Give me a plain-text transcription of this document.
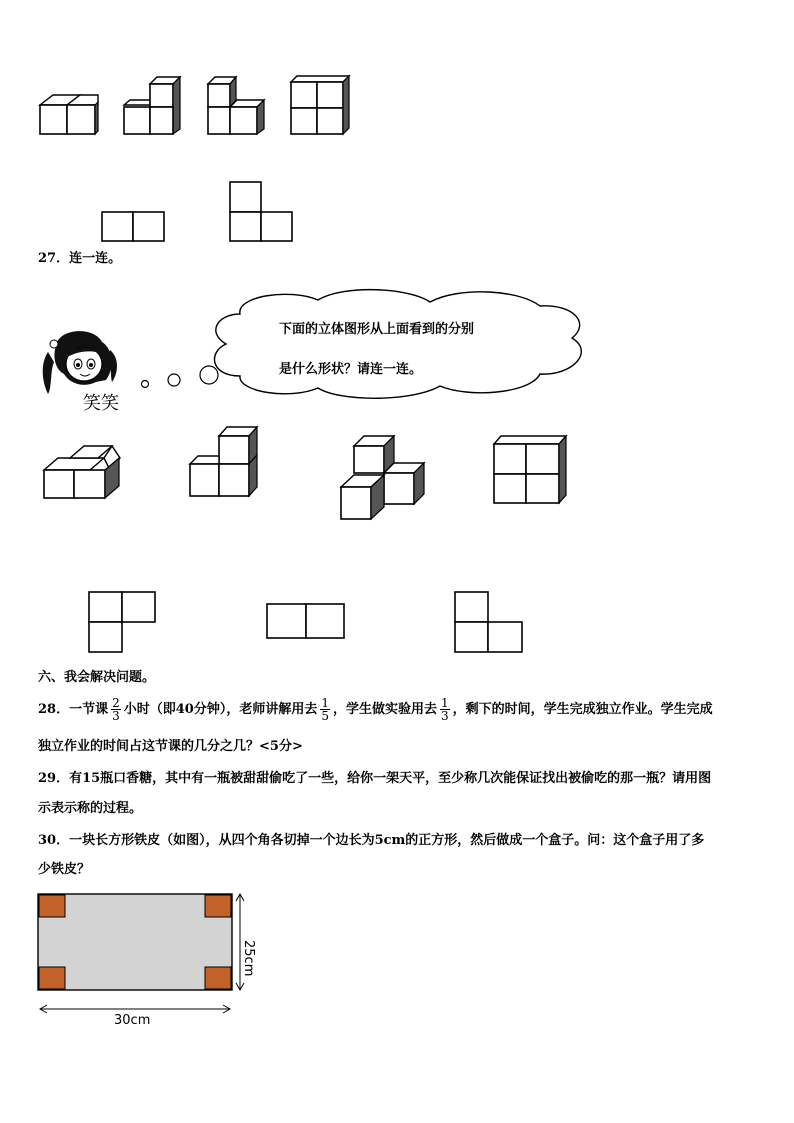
27．连一连。
下面的立体图形从上面看到的分别
是什么形状？请连一连。
笑笑
六、我会解决问题。
28．一节课 $\frac{2}{3}$ 小时（即40分钟），老师讲解用去 $\frac{1}{5}$ ，学生做实验用去 $\frac{1}{3}$ ，剩下的时间，学生完成独立作业。学生完成
独立作业的时间占这节课的几分之几？<5分>
29．有15瓶口香糖，其中有一瓶被甜甜偷吃了一些，给你一架天平，至少称几次能保证找出被偷吃的那一瓶？请用图
示表示称的过程。
30．一块长方形铁皮（如图），从四个角各切掉一个边长为5cm的正方形，然后做成一个盒子。问：这个盒子用了多
少铁皮？
30cm
25cm
